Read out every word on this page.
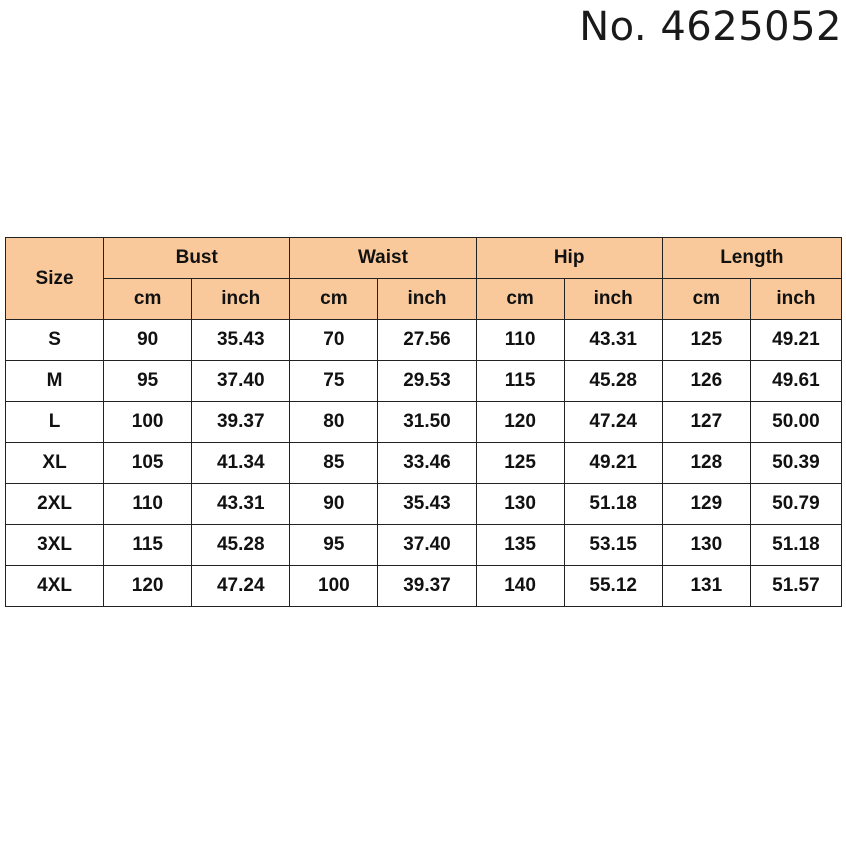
No. 4625052
Size	Bust		Waist		Hip		Length	
	cm	inch	cm	inch	cm	inch	cm	inch
S	90	35.43	70	27.56	110	43.31	125	49.21
M	95	37.40	75	29.53	115	45.28	126	49.61
L	100	39.37	80	31.50	120	47.24	127	50.00
XL	105	41.34	85	33.46	125	49.21	128	50.39
2XL	110	43.31	90	35.43	130	51.18	129	50.79
3XL	115	45.28	95	37.40	135	53.15	130	51.18
4XL	120	47.24	100	39.37	140	55.12	131	51.57
